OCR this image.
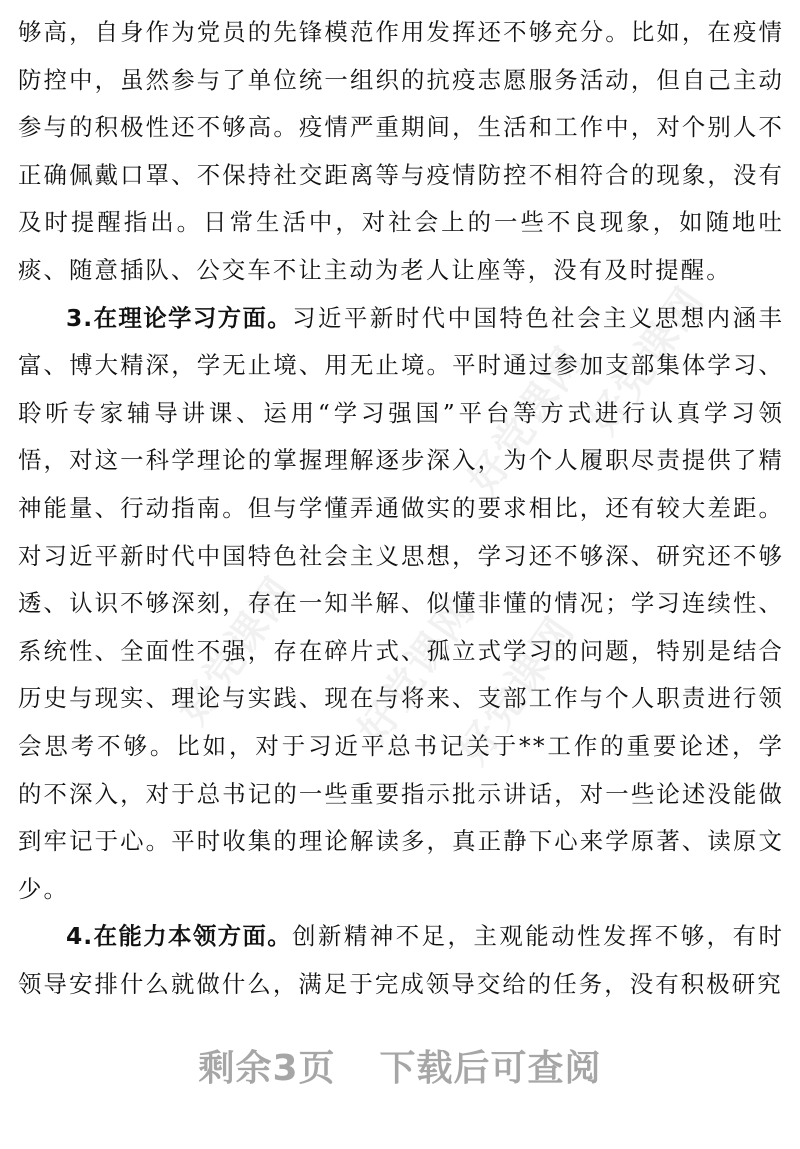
好党课网
好党课网
好党课网
好党课网
好党课网

够高，自身作为党员的先锋模范作用发挥还不够充分。比如，在疫情防控中，虽然参与了单位统一组织的抗疫志愿服务活动，但自己主动参与的积极性还不够高。疫情严重期间，生活和工作中，对个别人不正确佩戴口罩、不保持社交距离等与疫情防控不相符合的现象，没有及时提醒指出。日常生活中，对社会上的一些不良现象，如随地吐痰、随意插队、公交车不让主动为老人让座等，没有及时提醒。

3.在理论学习方面。习近平新时代中国特色社会主义思想内涵丰富、博大精深，学无止境、用无止境。平时通过参加支部集体学习、聆听专家辅导讲课、运用“学习强国”平台等方式进行认真学习领悟，对这一科学理论的掌握理解逐步深入，为个人履职尽责提供了精神能量、行动指南。但与学懂弄通做实的要求相比，还有较大差距。对习近平新时代中国特色社会主义思想，学习还不够深、研究还不够透、认识不够深刻，存在一知半解、似懂非懂的情况；学习连续性、系统性、全面性不强，存在碎片式、孤立式学习的问题，特别是结合历史与现实、理论与实践、现在与将来、支部工作与个人职责进行领会思考不够。比如，对于习近平总书记关于**工作的重要论述，学的不深入，对于总书记的一些重要指示批示讲话，对一些论述没能做到牢记于心。平时收集的理论解读多，真正静下心来学原著、读原文少。

4.在能力本领方面。创新精神不足，主观能动性发挥不够，有时领导安排什么就做什么，满足于完成领导交给的任务，没有积极研究

剩余3页 下载后可查阅
